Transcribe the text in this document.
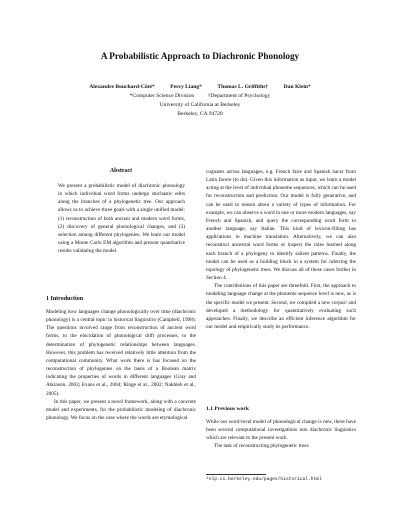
A Probabilistic Approach to Diachronic Phonology
Alexandre Bouchard-Côté*	Percy Liang*	Thomas L. Griffiths†	Dan Klein*
*Computer Science Division †Department of Psychology
University of California at Berkeley
Berkeley, CA 94720
Abstract
We present a probabilistic model of diachronic phonology in which individual word forms undergo stochastic edits along the branches of a phylogenetic tree. Our approach allows us to achieve three goals with a single unified model: (1) reconstruction of both ancient and modern word forms, (2) discovery of general phonological changes, and (3) selection among different phylogenies. We learn our model using a Monte Carlo EM algorithm and present quantitative results validating the model.
1 Introduction

Modeling how languages change phonologically over time (diachronic phonology) is a central topic in historical linguistics (Campbell, 1998). The questions involved range from reconstruction of ancient word forms, to the elucidation of phonological drift processes, to the determination of phylogenetic relationships between languages. However, this problem has received relatively little attention from the computational community. What work there is has focused on the reconstruction of phylogenies on the basis of a Boolean matrix indicating the properties of words in different languages (Gray and Atkinson, 2003; Evans et al., 2004; Ringe et al., 2002; Nakhleh et al., 2005).

In this paper, we present a novel framework, along with a concrete model and experiments, for the probabilistic modeling of diachronic phonology. We focus on the case where the words are etymological

cognates across languages, e.g. French faire and Spanish hacer from Latin facere (to do). Given this information as input, we learn a model acting at the level of individual phoneme sequences, which can be used for reconstruction and prediction. Our model is fully generative, and can be used to reason about a variety of types of information. For example, we can observe a word in one or more modern languages, say French and Spanish, and query the corresponding word form in another language, say Italian. This kind of lexicon-filling has applications in machine translation. Alternatively, we can also reconstruct ancestral word forms or inspect the rules learned along each branch of a phylogeny to identify salient patterns. Finally, the model can be used as a building block in a system for inferring the topology of phylogenetic trees. We discuss all of these cases further in Section 4.

The contributions of this paper are threefold. First, the approach to modeling language change at the phoneme sequence level is new, as is the specific model we present. Second, we compiled a new corpus¹ and developed a methodology for quantitatively evaluating such approaches. Finally, we describe an efficient inference algorithm for our model and empirically study its performance.

1.1 Previous work

While our word-level model of phonological change is new, there have been several computational investigations into diachronic linguistics which are relevant to the present work.

The task of reconstructing phylogenetic trees

¹nlp.cs.berkeley.edu/pages/historical.html
